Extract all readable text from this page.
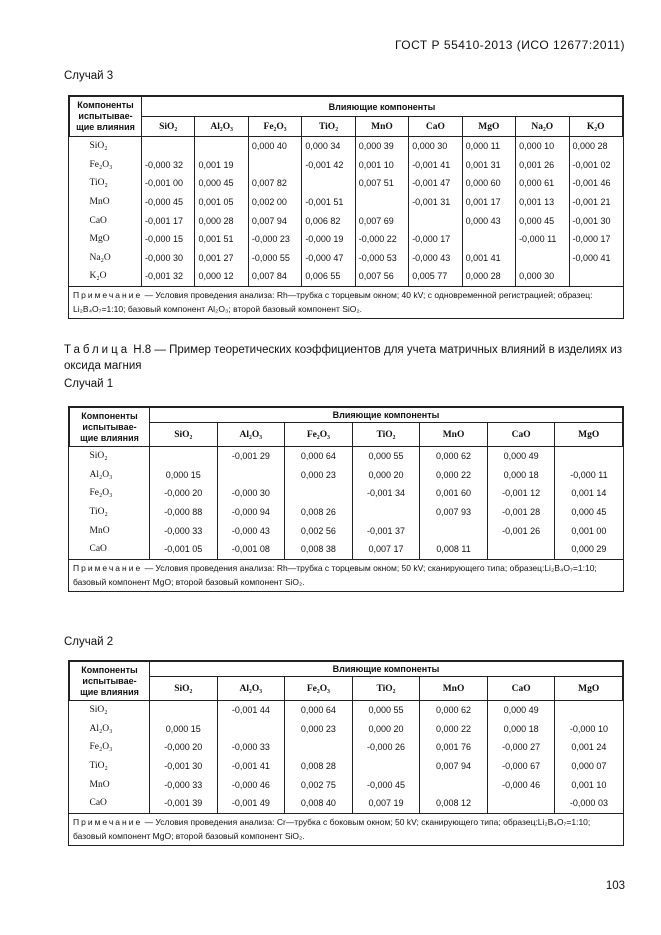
ГОСТ Р 55410-2013 (ИСО 12677:2011)
Случай 3
Компоненты
испытывае-
щие влияния	Влияющие компоненты								
	SiO₂	Al₂O₃	Fe₂O₃	TiO₂	MnO	CaO	MgO	Na₂O	K₂O
SiO₂			0,000 40	0,000 34	0,000 39	0,000 30	0,000 11	0,000 10	0,000 28
Fe₂O₃	-0,000 32	0,001 19		-0,001 42	0,001 10	-0,001 41	0,001 31	0,001 26	-0,001 02
TiO₂	-0,001 00	0,000 45	0,007 82		0,007 51	-0,001 47	0,000 60	0,000 61	-0,001 46
MnO	-0,000 45	0,001 05	0,002 00	-0,001 51		-0,001 31	0,001 17	0,001 13	-0,001 21
CaO	-0,001 17	0,000 28	0,007 94	0,006 82	0,007 69		0,000 43	0,000 45	-0,001 30
MgO	-0,000 15	0,001 51	-0,000 23	-0,000 19	-0,000 22	-0,000 17		-0,000 11	-0,000 17
Na₂O	-0,000 30	0,001 27	-0,000 55	-0,000 47	-0,000 53	-0,000 43	0,001 41		-0,000 41
K₂O	-0,001 32	0,000 12	0,007 84	0,006 55	0,007 56	0,005 77	0,000 28	0,000 30	
Примечание — Условия проведения анализа: Rh—трубка с торцевым окном; 40 kV; с одновременной регистрацией; образец: Li₂B₄O₇=1:10; базовый компонент Al₂O₃; второй базовый компонент SiO₂.
Таблица Н.8 — Пример теоретических коэффициентов для учета матричных влияний в изделиях из оксида магния
Случай 1
Компоненты
испытывае-
щие влияния	Влияющие компоненты						
	SiO₂	Al₂O₃	Fe₂O₃	TiO₂	MnO	CaO	MgO
SiO₂		-0,001 29	0,000 64	0,000 55	0,000 62	0,000 49	
Al₂O₃	0,000 15		0,000 23	0,000 20	0,000 22	0,000 18	-0,000 11
Fe₂O₃	-0,000 20	-0,000 30		-0,001 34	0,001 60	-0,001 12	0,001 14
TiO₂	-0,000 88	-0,000 94	0,008 26		0,007 93	-0,001 28	0,000 45
MnO	-0,000 33	-0,000 43	0,002 56	-0,001 37		-0,001 26	0,001 00
CaO	-0,001 05	-0,001 08	0,008 38	0,007 17	0,008 11		0,000 29
Примечание — Условия проведения анализа: Rh—трубка с торцевым окном; 50 kV; сканирующего типа; образец:Li₂B₄O₇=1:10; базовый компонент MgO; второй базовый компонент SiO₂.
Случай 2
Компоненты
испытывае-
щие влияния	Влияющие компоненты						
	SiO₂	Al₂O₃	Fe₂O₃	TiO₂	MnO	CaO	MgO
SiO₂		-0,001 44	0,000 64	0,000 55	0,000 62	0,000 49	
Al₂O₃	0,000 15		0,000 23	0,000 20	0,000 22	0,000 18	-0,000 10
Fe₂O₃	-0,000 20	-0,000 33		-0,000 26	0,001 76	-0,000 27	0,001 24
TiO₂	-0,001 30	-0,001 41	0,008 28		0,007 94	-0,000 67	0,000 07
MnO	-0,000 33	-0,000 46	0,002 75	-0,000 45		-0,000 46	0,001 10
CaO	-0,001 39	-0,001 49	0,008 40	0,007 19	0,008 12		-0,000 03
Примечание — Условия проведения анализа: Cr—трубка с боковым окном; 50 kV; сканирующего типа; образец:Li₂B₄O₇=1:10; базовый компонент MgO; второй базовый компонент SiO₂.
103
